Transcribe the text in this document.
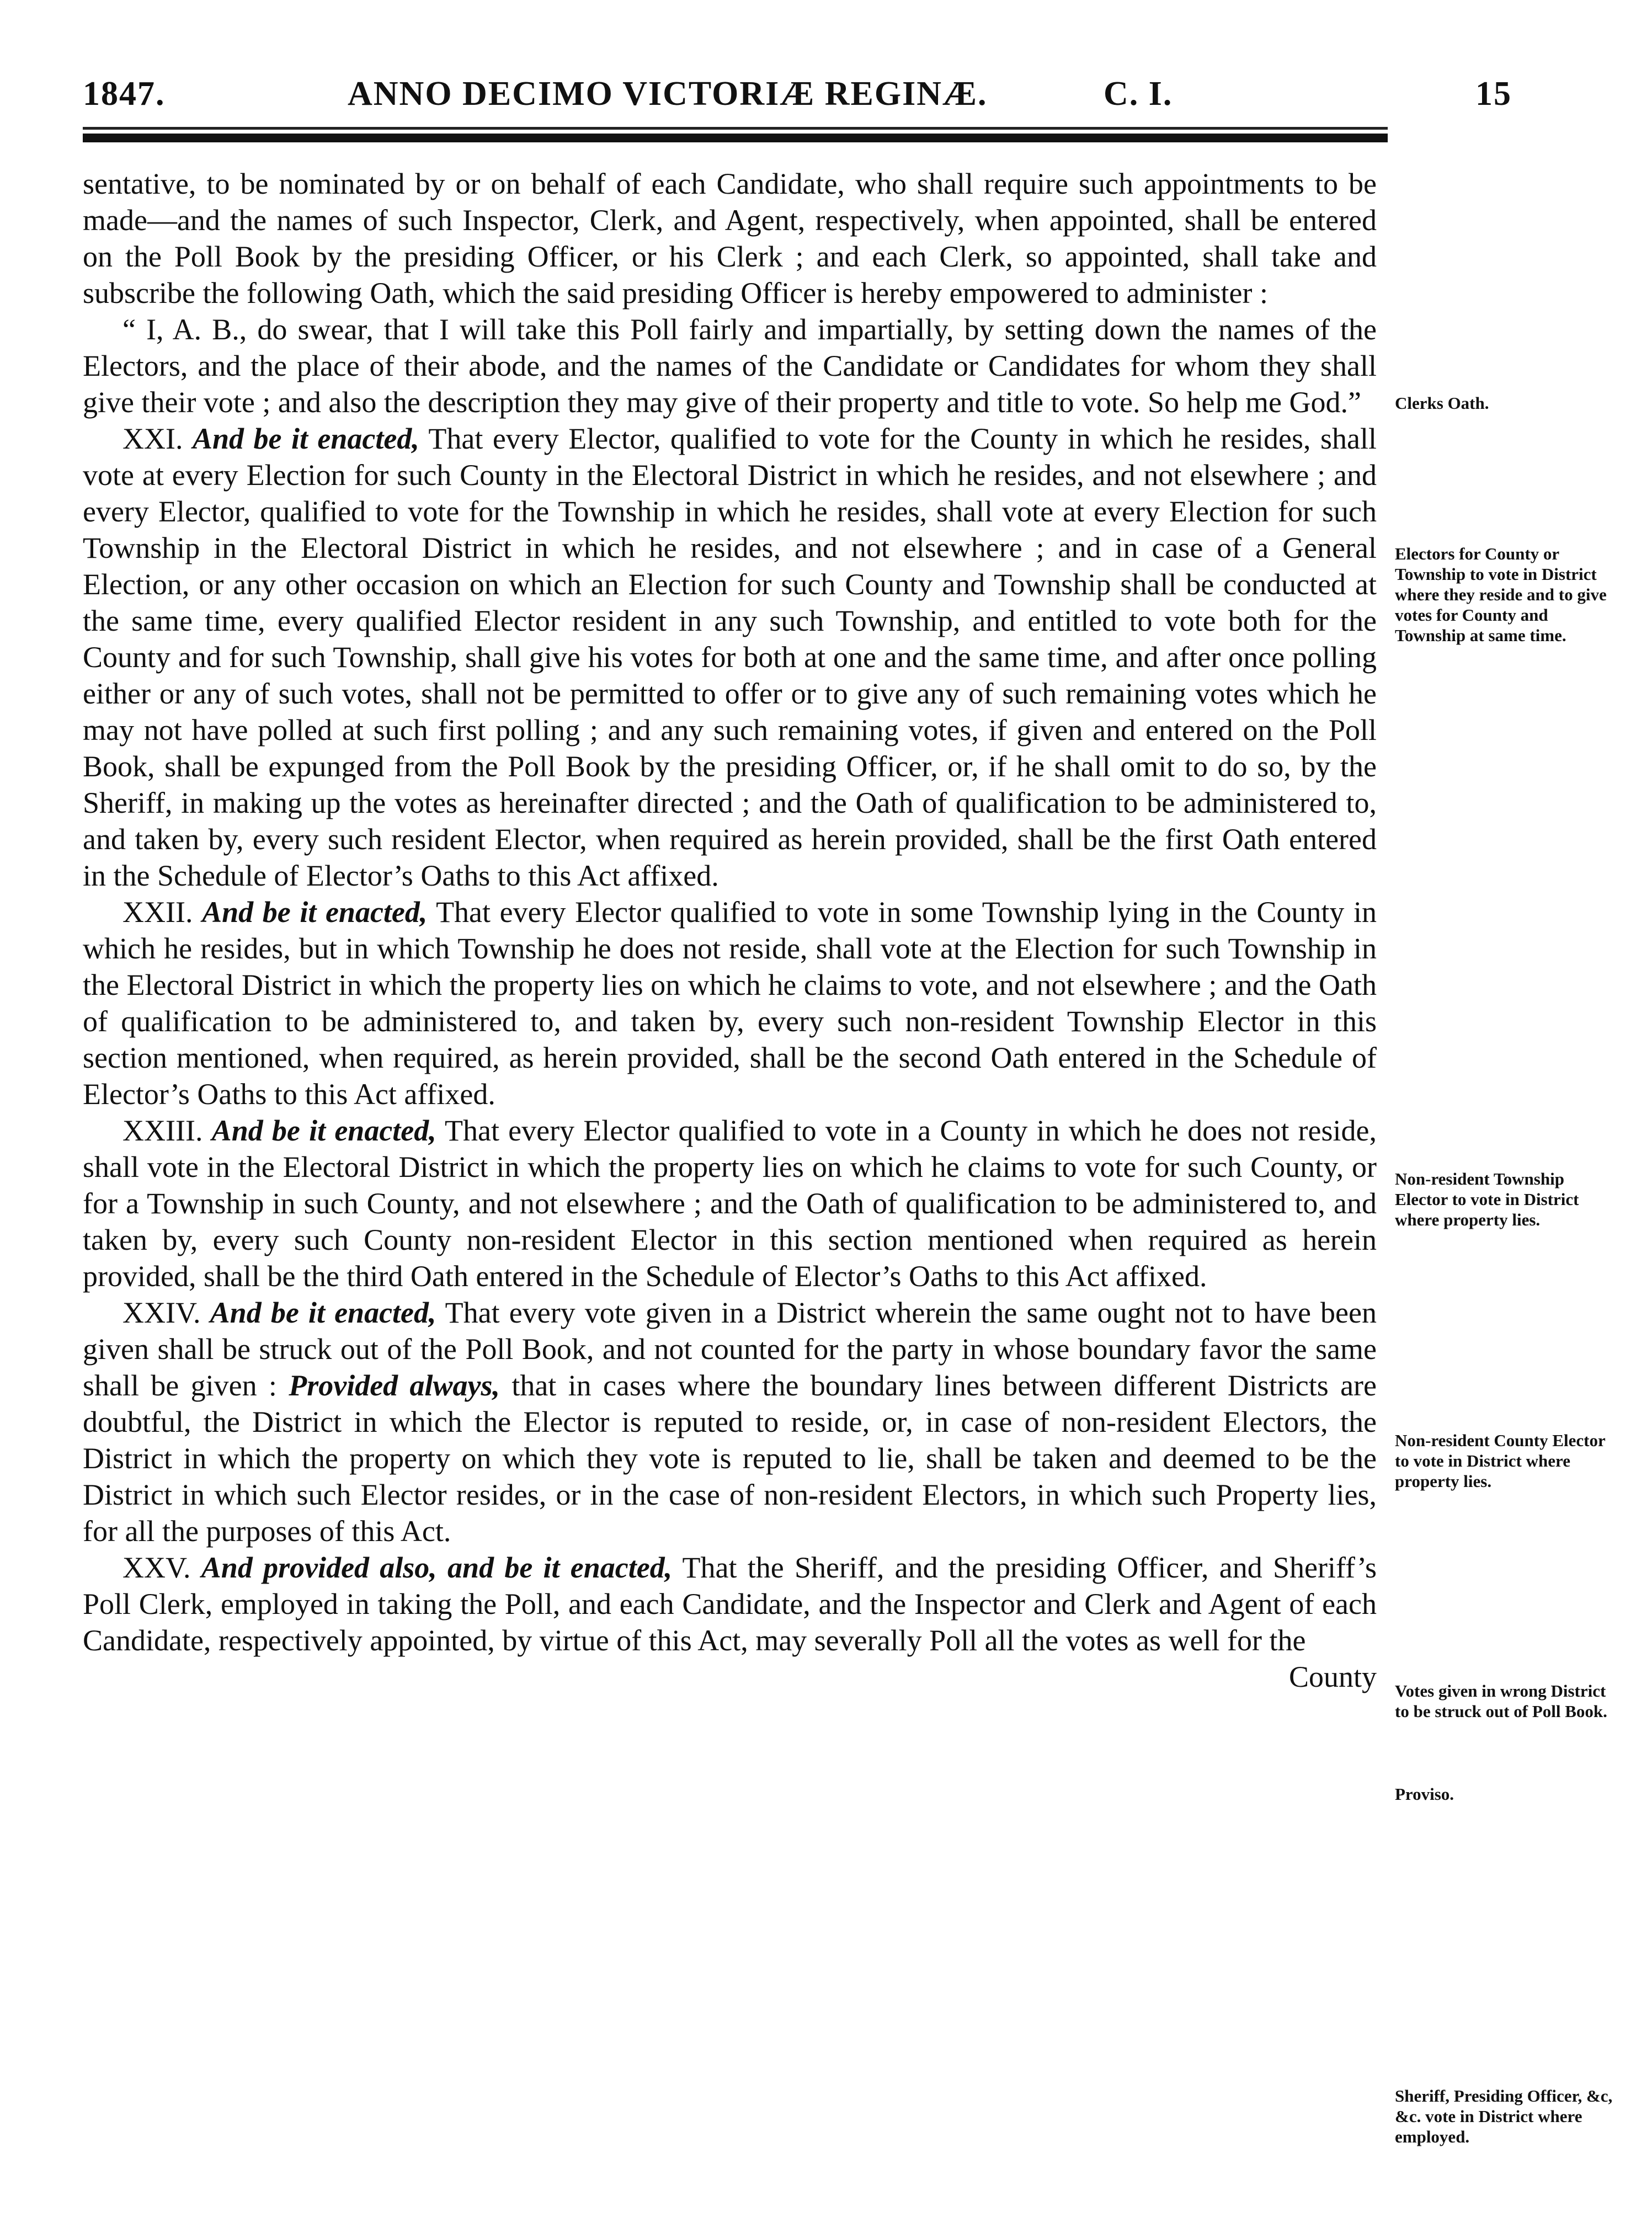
1847.	ANNO DECIMO VICTORIÆ REGINÆ.	C. I.	15

sentative, to be nominated by or on behalf of each Candidate, who shall require such appointments to be made—and the names of such Inspector, Clerk, and Agent, respectively, when appointed, shall be entered on the Poll Book by the presiding Officer, or his Clerk ; and each Clerk, so appointed, shall take and subscribe the following Oath, which the said presiding Officer is hereby empowered to administer :

“ I, A. B., do swear, that I will take this Poll fairly and impartially, by setting down the names of the Electors, and the place of their abode, and the names of the Candidate or Candidates for whom they shall give their vote ; and also the description they may give of their property and title to vote. So help me God.”

XXI. And be it enacted, That every Elector, qualified to vote for the County in which he resides, shall vote at every Election for such County in the Electoral District in which he resides, and not elsewhere ; and every Elector, qualified to vote for the Township in which he resides, shall vote at every Election for such Township in the Electoral District in which he resides, and not elsewhere ; and in case of a General Election, or any other occasion on which an Election for such County and Township shall be conducted at the same time, every qualified Elector resident in any such Township, and entitled to vote both for the County and for such Township, shall give his votes for both at one and the same time, and after once polling either or any of such votes, shall not be permitted to offer or to give any of such remaining votes which he may not have polled at such first polling ; and any such remaining votes, if given and entered on the Poll Book, shall be expunged from the Poll Book by the presiding Officer, or, if he shall omit to do so, by the Sheriff, in making up the votes as hereinafter directed ; and the Oath of qualification to be administered to, and taken by, every such resident Elector, when required as herein provided, shall be the first Oath entered in the Schedule of Elector’s Oaths to this Act affixed.

XXII. And be it enacted, That every Elector qualified to vote in some Township lying in the County in which he resides, but in which Township he does not reside, shall vote at the Election for such Township in the Electoral District in which the property lies on which he claims to vote, and not elsewhere ; and the Oath of qualification to be administered to, and taken by, every such non-resident Township Elector in this section mentioned, when required, as herein provided, shall be the second Oath entered in the Schedule of Elector’s Oaths to this Act affixed.

XXIII. And be it enacted, That every Elector qualified to vote in a County in which he does not reside, shall vote in the Electoral District in which the property lies on which he claims to vote for such County, or for a Township in such County, and not elsewhere ; and the Oath of qualification to be administered to, and taken by, every such County non-resident Elector in this section mentioned when required as herein provided, shall be the third Oath entered in the Schedule of Elector’s Oaths to this Act affixed.

XXIV. And be it enacted, That every vote given in a District wherein the same ought not to have been given shall be struck out of the Poll Book, and not counted for the party in whose boundary favor the same shall be given : Provided always, that in cases where the boundary lines between different Districts are doubtful, the District in which the Elector is reputed to reside, or, in case of non-resident Electors, the District in which the property on which they vote is reputed to lie, shall be taken and deemed to be the District in which such Elector resides, or in the case of non-resident Electors, in which such Property lies, for all the purposes of this Act.

XXV. And provided also, and be it enacted, That the Sheriff, and the presiding Officer, and Sheriff’s Poll Clerk, employed in taking the Poll, and each Candidate, and the Inspector and Clerk and Agent of each Candidate, respectively appointed, by virtue of this Act, may severally Poll all the votes as well for the

County
Clerks Oath.
Electors for County or Township to vote in District where they reside and to give votes for County and Township at same time.
Non-resident Township Elector to vote in District where property lies.
Non-resident County Elector to vote in District where property lies.
Votes given in wrong District to be struck out of Poll Book.
Proviso.
Sheriff, Presiding Officer, &c, &c. vote in District where employed.
